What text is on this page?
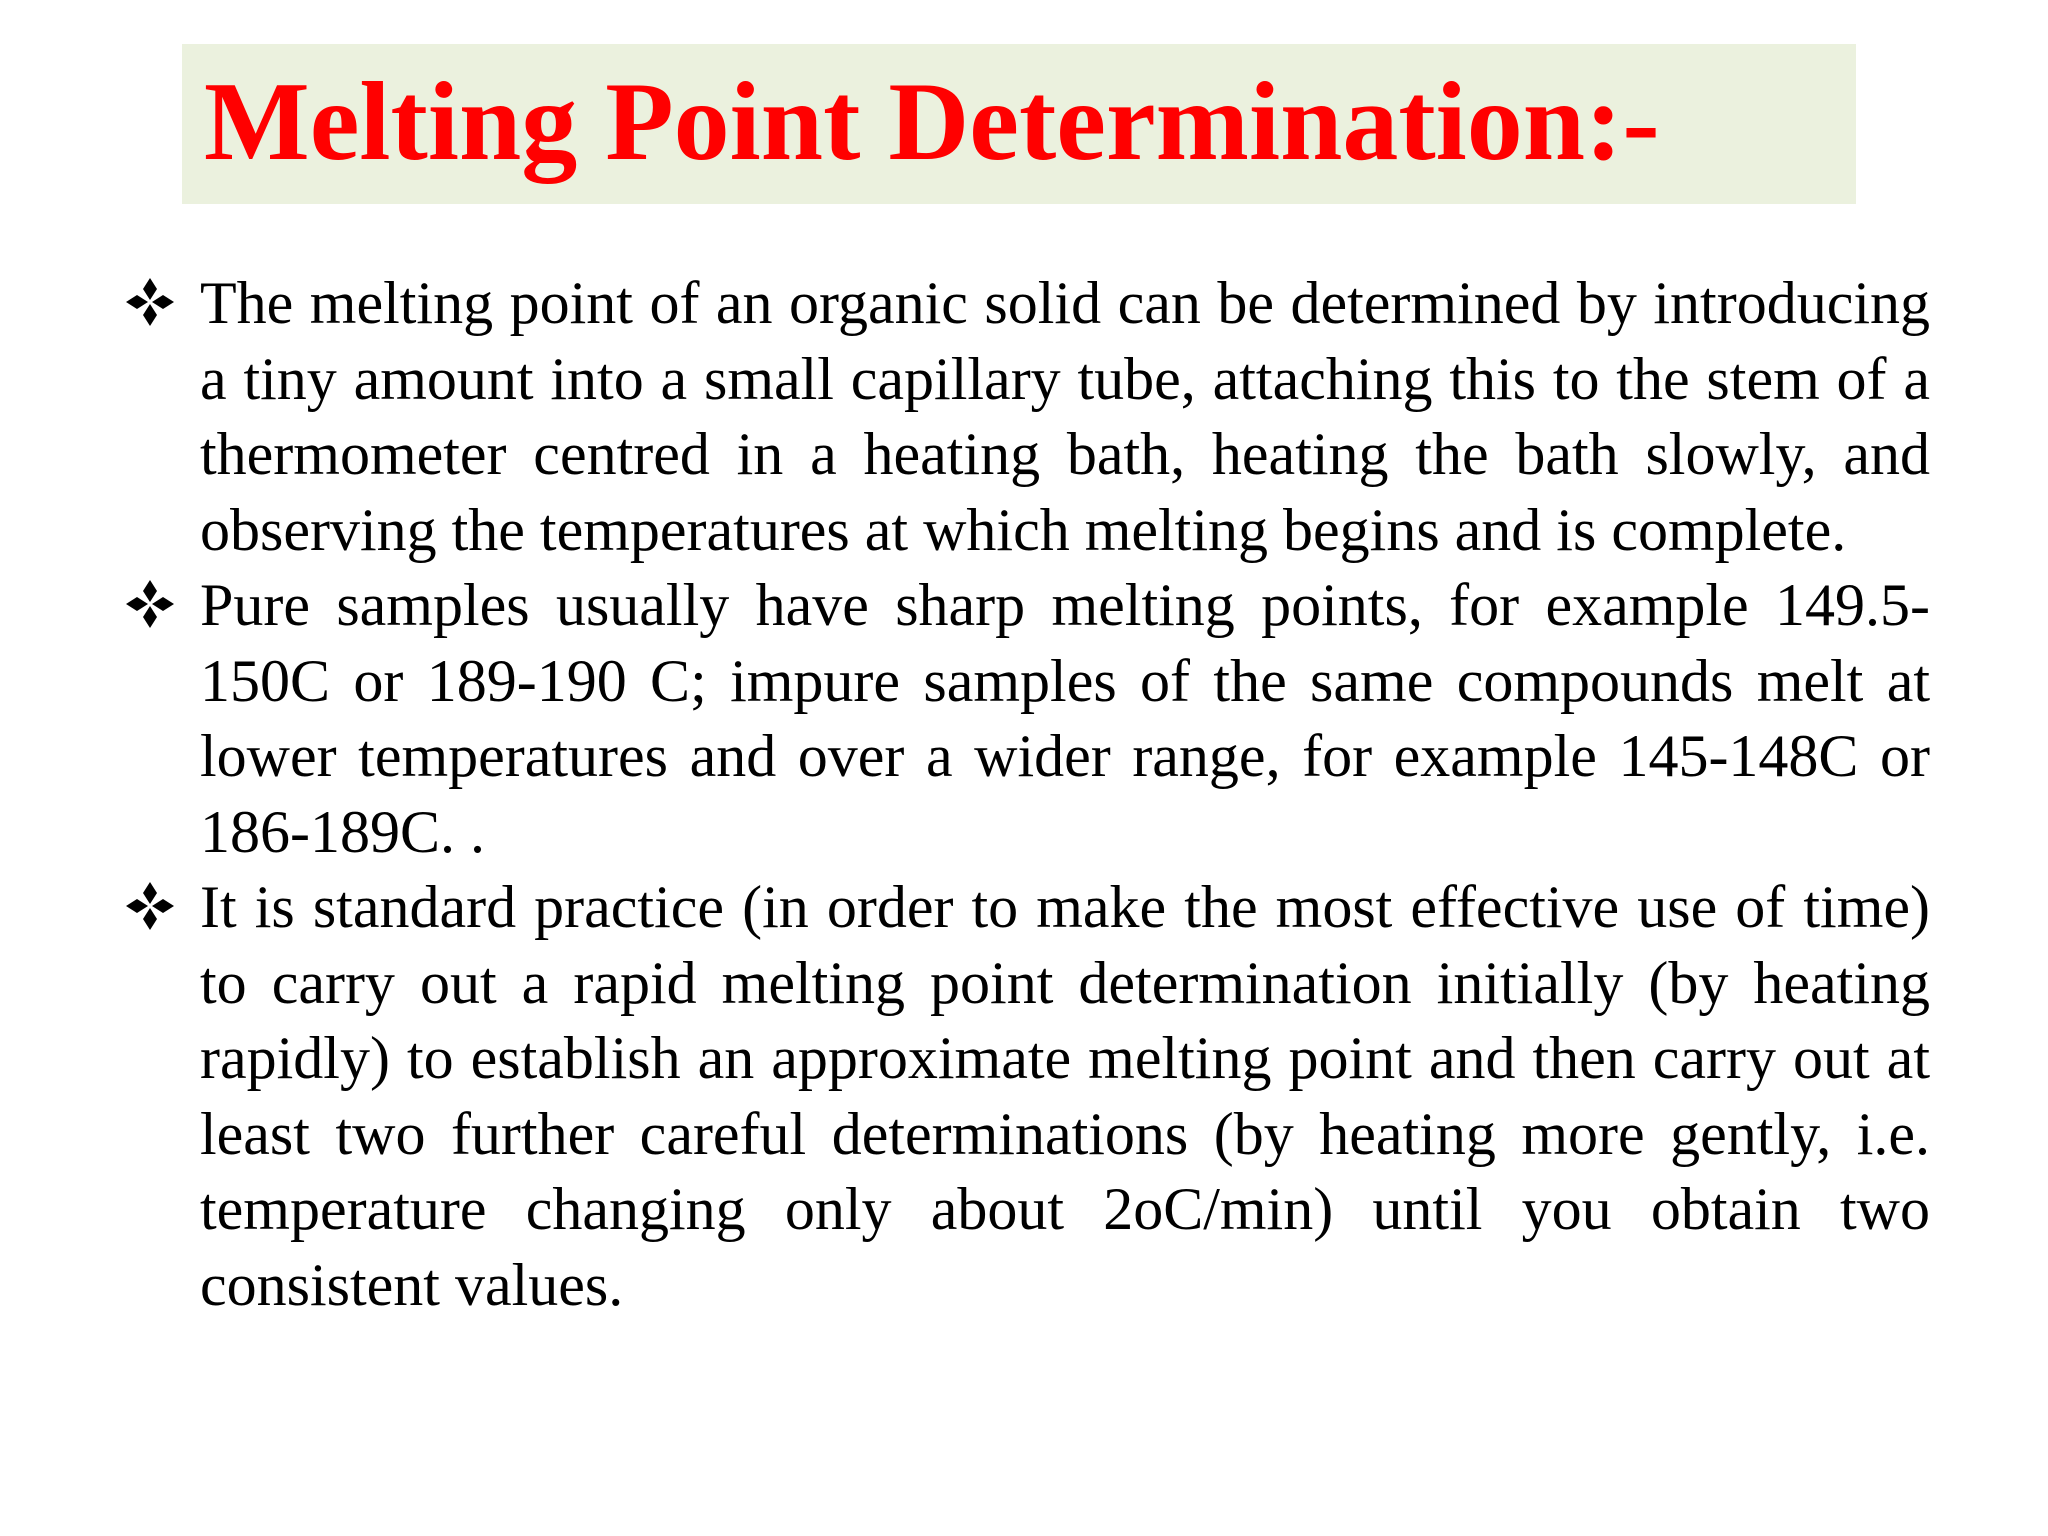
Melting Point Determination:-
The melting point of an organic solid can be determined by introducing a tiny amount into a small capillary tube, attaching this to the stem of a thermometer centred in a heating bath, heating the bath slowly, and observing the temperatures at which melting begins and is complete.
Pure samples usually have sharp melting points, for example 149.5-150C or 189-190 C; impure samples of the same compounds melt at lower temperatures and over a wider range, for example 145-148C or 186-189C. .
It is standard practice (in order to make the most effective use of time) to carry out a rapid melting point determination initially (by heating rapidly) to establish an approximate melting point and then carry out at least two further careful determinations (by heating more gently, i.e. temperature changing only about 2oC/min) until you obtain two consistent values.
